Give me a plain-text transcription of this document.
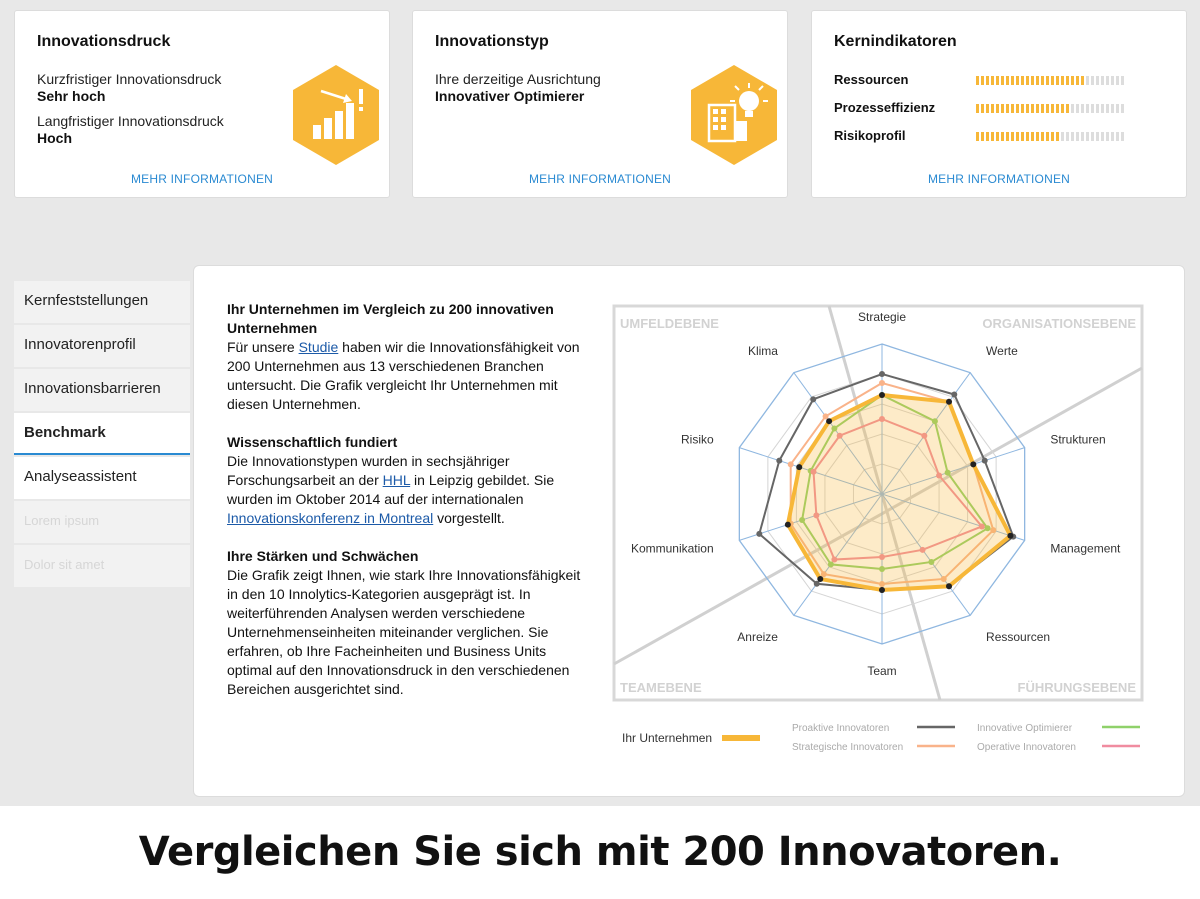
Innovationsdruck
Kurzfristiger Innovationsdruck
Sehr hoch
Langfristiger Innovationsdruck
Hoch
MEHR INFORMATIONEN
Innovationstyp
Ihre derzeitige Ausrichtung
Innovativer Optimierer
MEHR INFORMATIONEN
Kernindikatoren
Ressourcen
Prozesseffizienz
Risikoprofil
MEHR INFORMATIONEN
Kernfeststellungen
Innovatorenprofil
Innovationsbarrieren
Benchmark
Analyseassistent
Lorem ipsum
Dolor sit amet
Ihr Unternehmen im Vergleich zu 200 innovativen Unternehmen

Für unsere Studie haben wir die Innovationsfähigkeit von 200 Unternehmen aus 13 verschiedenen Branchen untersucht. Die Grafik vergleicht Ihr Unternehmen mit diesen Unternehmen.

Wissenschaftlich fundiert

Die Innovationstypen wurden in sechsjähriger Forschungsarbeit an der HHL in Leipzig gebildet. Sie wurden im Oktober 2014 auf der internationalen Innovationskonferenz in Montreal vorgestellt.

Ihre Stärken und Schwächen

Die Grafik zeigt Ihnen, wie stark Ihre Innovationsfähigkeit in den 10 Innolytics-Kategorien ausgeprägt ist. In weiterführenden Analysen werden verschiedene Unternehmenseinheiten miteinander verglichen. Sie erfahren, ob Ihre Facheinheiten und Business Units optimal auf den Innovationsdruck in den verschiedenen Bereichen ausgerichtet sind.

UMFELDEBENE	ORGANISATIONSEBENE
FÜHRUNGSEBENE
TEAMEBENE
Strategie
Werte
Strukturen
Management
Ressourcen
Team
Anreize
Kommunikation
Risiko
Klima
Ihr Unternehmen
Proaktive Innovatoren
Strategische Innovatoren
Innovative Optimierer
Operative Innovatoren
Vergleichen Sie sich mit 200 Innovatoren.
